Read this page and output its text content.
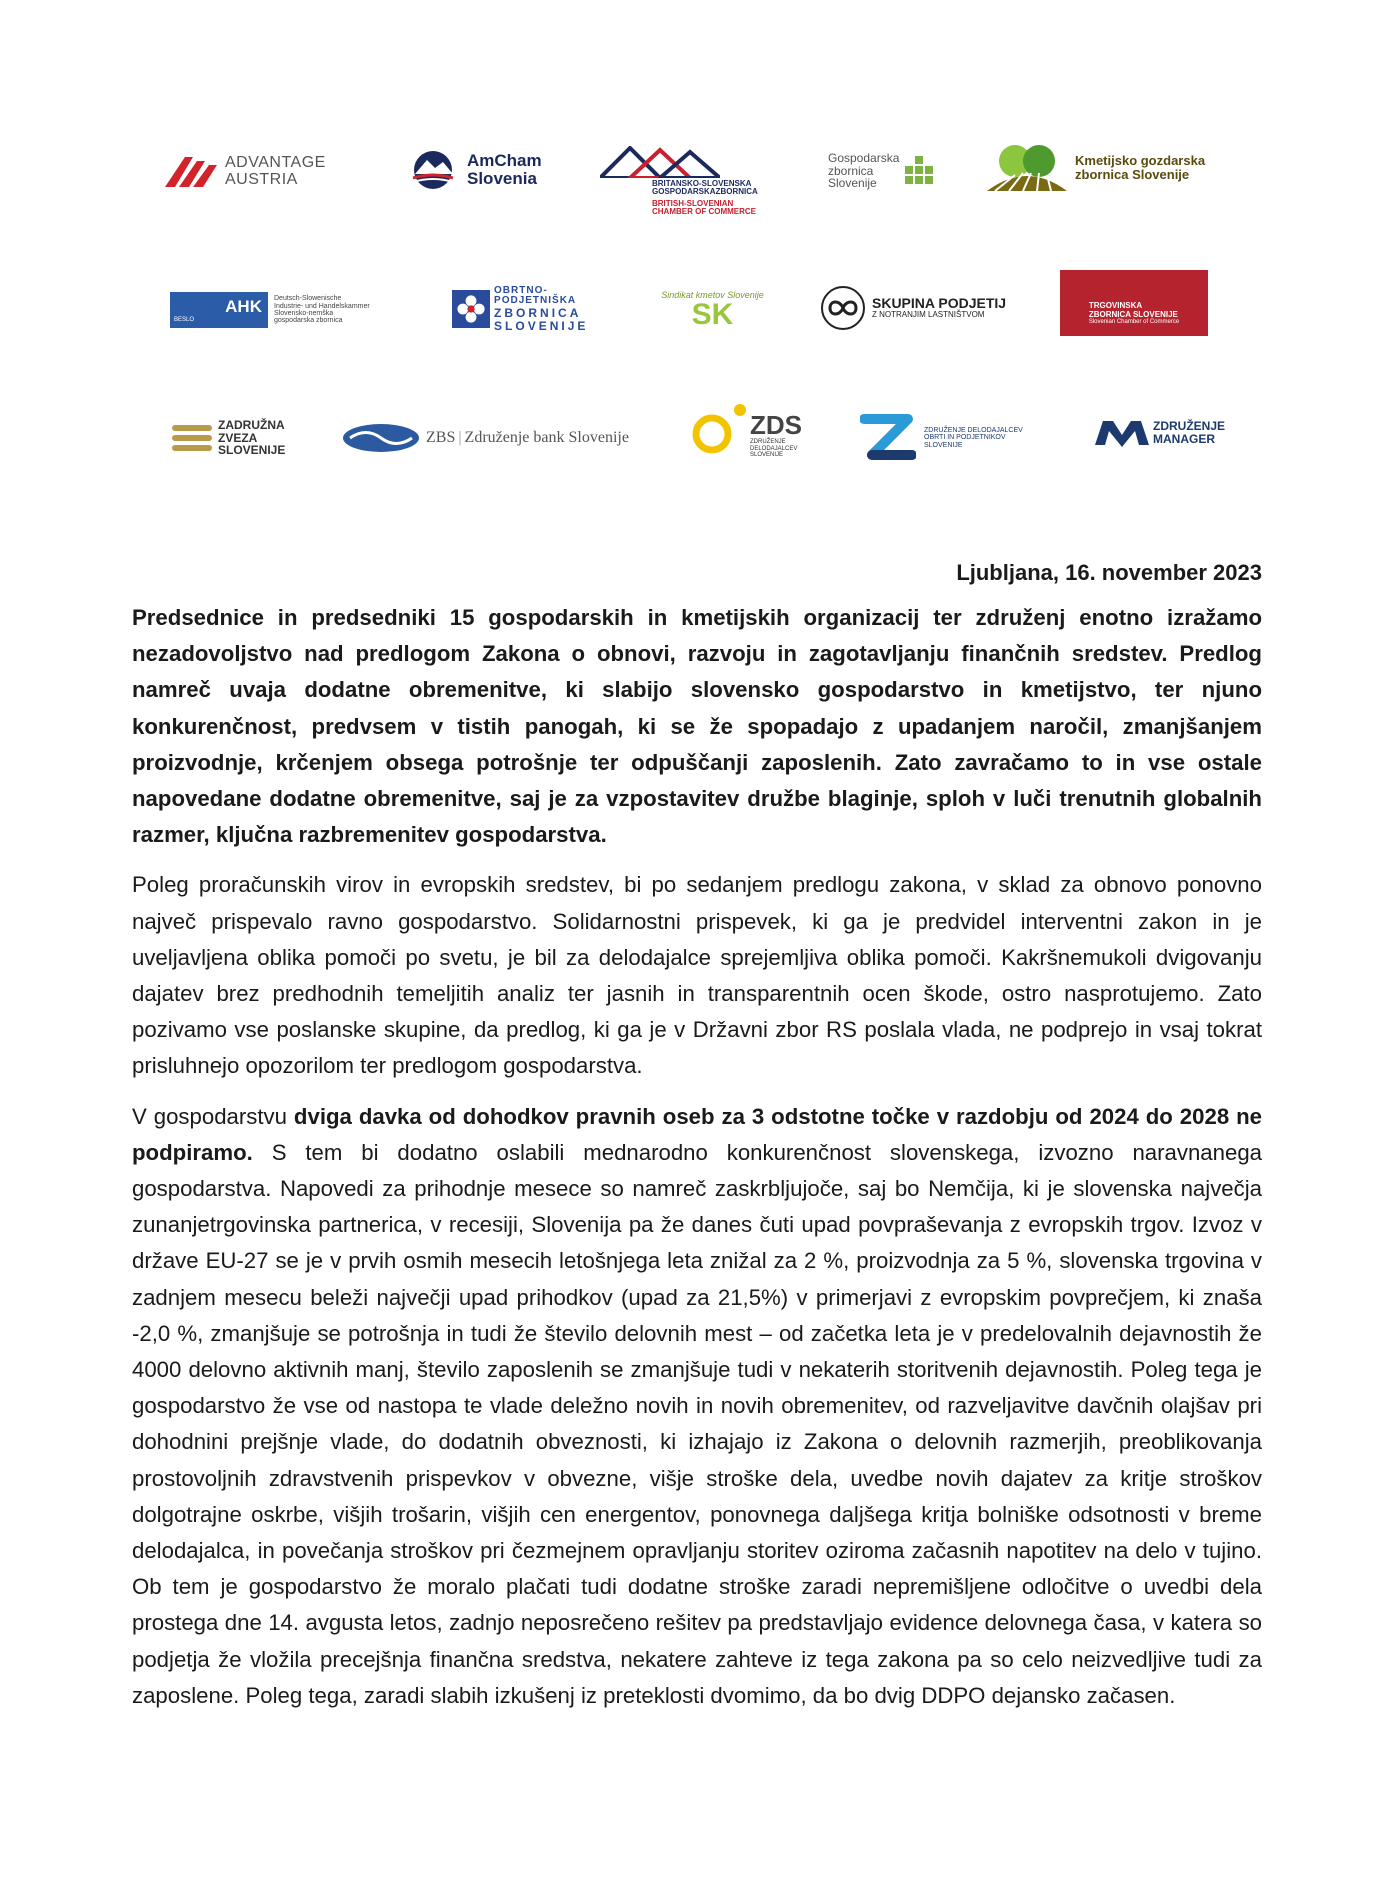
ADVANTAGE
AUSTRIA
AmCham
Slovenia	BRITANSKO-SLOVENSKA
GOSPODARSKAZBORNICA
BRITISH-SLOVENIAN
CHAMBER OF COMMERCE
Gospodarska
zbornica
Slovenije
Kmetijsko gozdarska
zbornica Slovenije
AHK
BESLO
Deutsch-Slowenische
Industrie- und Handelskammer
Slovensko-nemška
gospodarska zbornica
OBRTNO-PODJETNIŠKA
ZBORNICA
SLOVENIJE
Sindikat kmetov Slovenije
SK	SKUPINA PODJETIJ
Z NOTRANJIM LASTNIŠTVOM
TRGOVINSKA
ZBORNICA SLOVENIJE
Slovenian Chamber of Commerce
ZADRUŽNA
ZVEZA
SLOVENIJE
ZBS | Združenje bank Slovenije	ZDS
ZDRUŽENJE
DELODAJALCEV
SLOVENIJE
ZDRUŽENJE DELODAJALCEV
OBRTI IN PODJETNIKOV
SLOVENIJE
ZDRUŽENJE
MANAGER
Ljubljana, 16. november 2023

Predsednice in predsedniki 15 gospodarskih in kmetijskih organizacij ter združenj enotno izražamo nezadovoljstvo nad predlogom Zakona o obnovi, razvoju in zagotavljanju finančnih sredstev. Predlog namreč uvaja dodatne obremenitve, ki slabijo slovensko gospodarstvo in kmetijstvo, ter njuno konkurenčnost, predvsem v tistih panogah, ki se že spopadajo z upadanjem naročil, zmanjšanjem proizvodnje, krčenjem obsega potrošnje ter odpuščanji zaposlenih. Zato zavračamo to in vse ostale napovedane dodatne obremenitve, saj je za vzpostavitev družbe blaginje, sploh v luči trenutnih globalnih razmer, ključna razbremenitev gospodarstva.

Poleg proračunskih virov in evropskih sredstev, bi po sedanjem predlogu zakona, v sklad za obnovo ponovno največ prispevalo ravno gospodarstvo. Solidarnostni prispevek, ki ga je predvidel interventni zakon in je uveljavljena oblika pomoči po svetu, je bil za delodajalce sprejemljiva oblika pomoči. Kakršnemukoli dvigovanju dajatev brez predhodnih temeljitih analiz ter jasnih in transparentnih ocen škode, ostro nasprotujemo. Zato pozivamo vse poslanske skupine, da predlog, ki ga je v Državni zbor RS poslala vlada, ne podprejo in vsaj tokrat prisluhnejo opozorilom ter predlogom gospodarstva.

V gospodarstvu dviga davka od dohodkov pravnih oseb za 3 odstotne točke v razdobju od 2024 do 2028 ne podpiramo. S tem bi dodatno oslabili mednarodno konkurenčnost slovenskega, izvozno naravnanega gospodarstva. Napovedi za prihodnje mesece so namreč zaskrbljujoče, saj bo Nemčija, ki je slovenska največja zunanjetrgovinska partnerica, v recesiji, Slovenija pa že danes čuti upad povpraševanja z evropskih trgov. Izvoz v države EU-27 se je v prvih osmih mesecih letošnjega leta znižal za 2 %, proizvodnja za 5 %, slovenska trgovina v zadnjem mesecu beleži največji upad prihodkov (upad za 21,5%) v primerjavi z evropskim povprečjem, ki znaša -2,0 %, zmanjšuje se potrošnja in tudi že število delovnih mest – od začetka leta je v predelovalnih dejavnostih že 4000 delovno aktivnih manj, število zaposlenih se zmanjšuje tudi v nekaterih storitvenih dejavnostih. Poleg tega je gospodarstvo že vse od nastopa te vlade deležno novih in novih obremenitev, od razveljavitve davčnih olajšav pri dohodnini prejšnje vlade, do dodatnih obveznosti, ki izhajajo iz Zakona o delovnih razmerjih, preoblikovanja prostovoljnih zdravstvenih prispevkov v obvezne, višje stroške dela, uvedbe novih dajatev za kritje stroškov dolgotrajne oskrbe, višjih trošarin, višjih cen energentov, ponovnega daljšega kritja bolniške odsotnosti v breme delodajalca, in povečanja stroškov pri čezmejnem opravljanju storitev oziroma začasnih napotitev na delo v tujino. Ob tem je gospodarstvo že moralo plačati tudi dodatne stroške zaradi nepremišljene odločitve o uvedbi dela prostega dne 14. avgusta letos, zadnjo neposrečeno rešitev pa predstavljajo evidence delovnega časa, v katera so podjetja že vložila precejšnja finančna sredstva, nekatere zahteve iz tega zakona pa so celo neizvedljive tudi za zaposlene. Poleg tega, zaradi slabih izkušenj iz preteklosti dvomimo, da bo dvig DDPO dejansko začasen.
